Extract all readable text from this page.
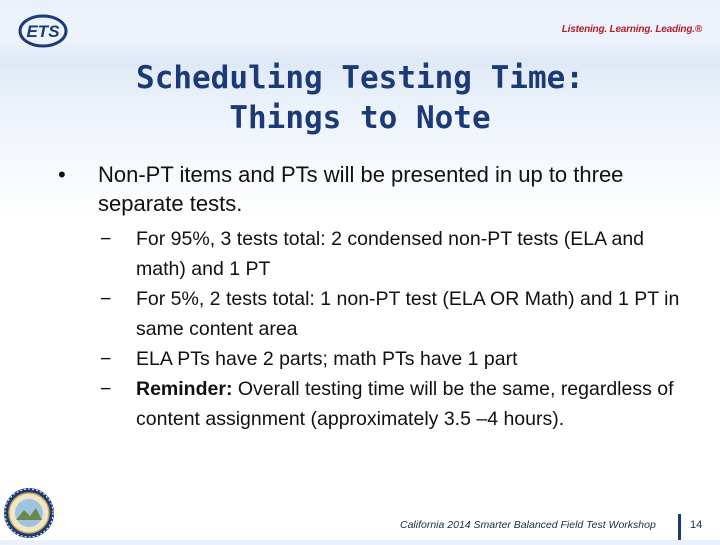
ETS	Listening. Learning. Leading.®
Scheduling Testing Time:
Things to Note
• Non-PT items and PTs will be presented in up to three separate tests.
− For 95%, 3 tests total: 2 condensed non-PT tests (ELA and math) and 1 PT
− For 5%, 2 tests total: 1 non-PT test (ELA OR Math) and 1 PT in same content area
− ELA PTs have 2 parts; math PTs have 1 part
− Reminder: Overall testing time will be the same, regardless of content assignment (approximately 3.5 –4 hours).
California 2014 Smarter Balanced Field Test Workshop	14
